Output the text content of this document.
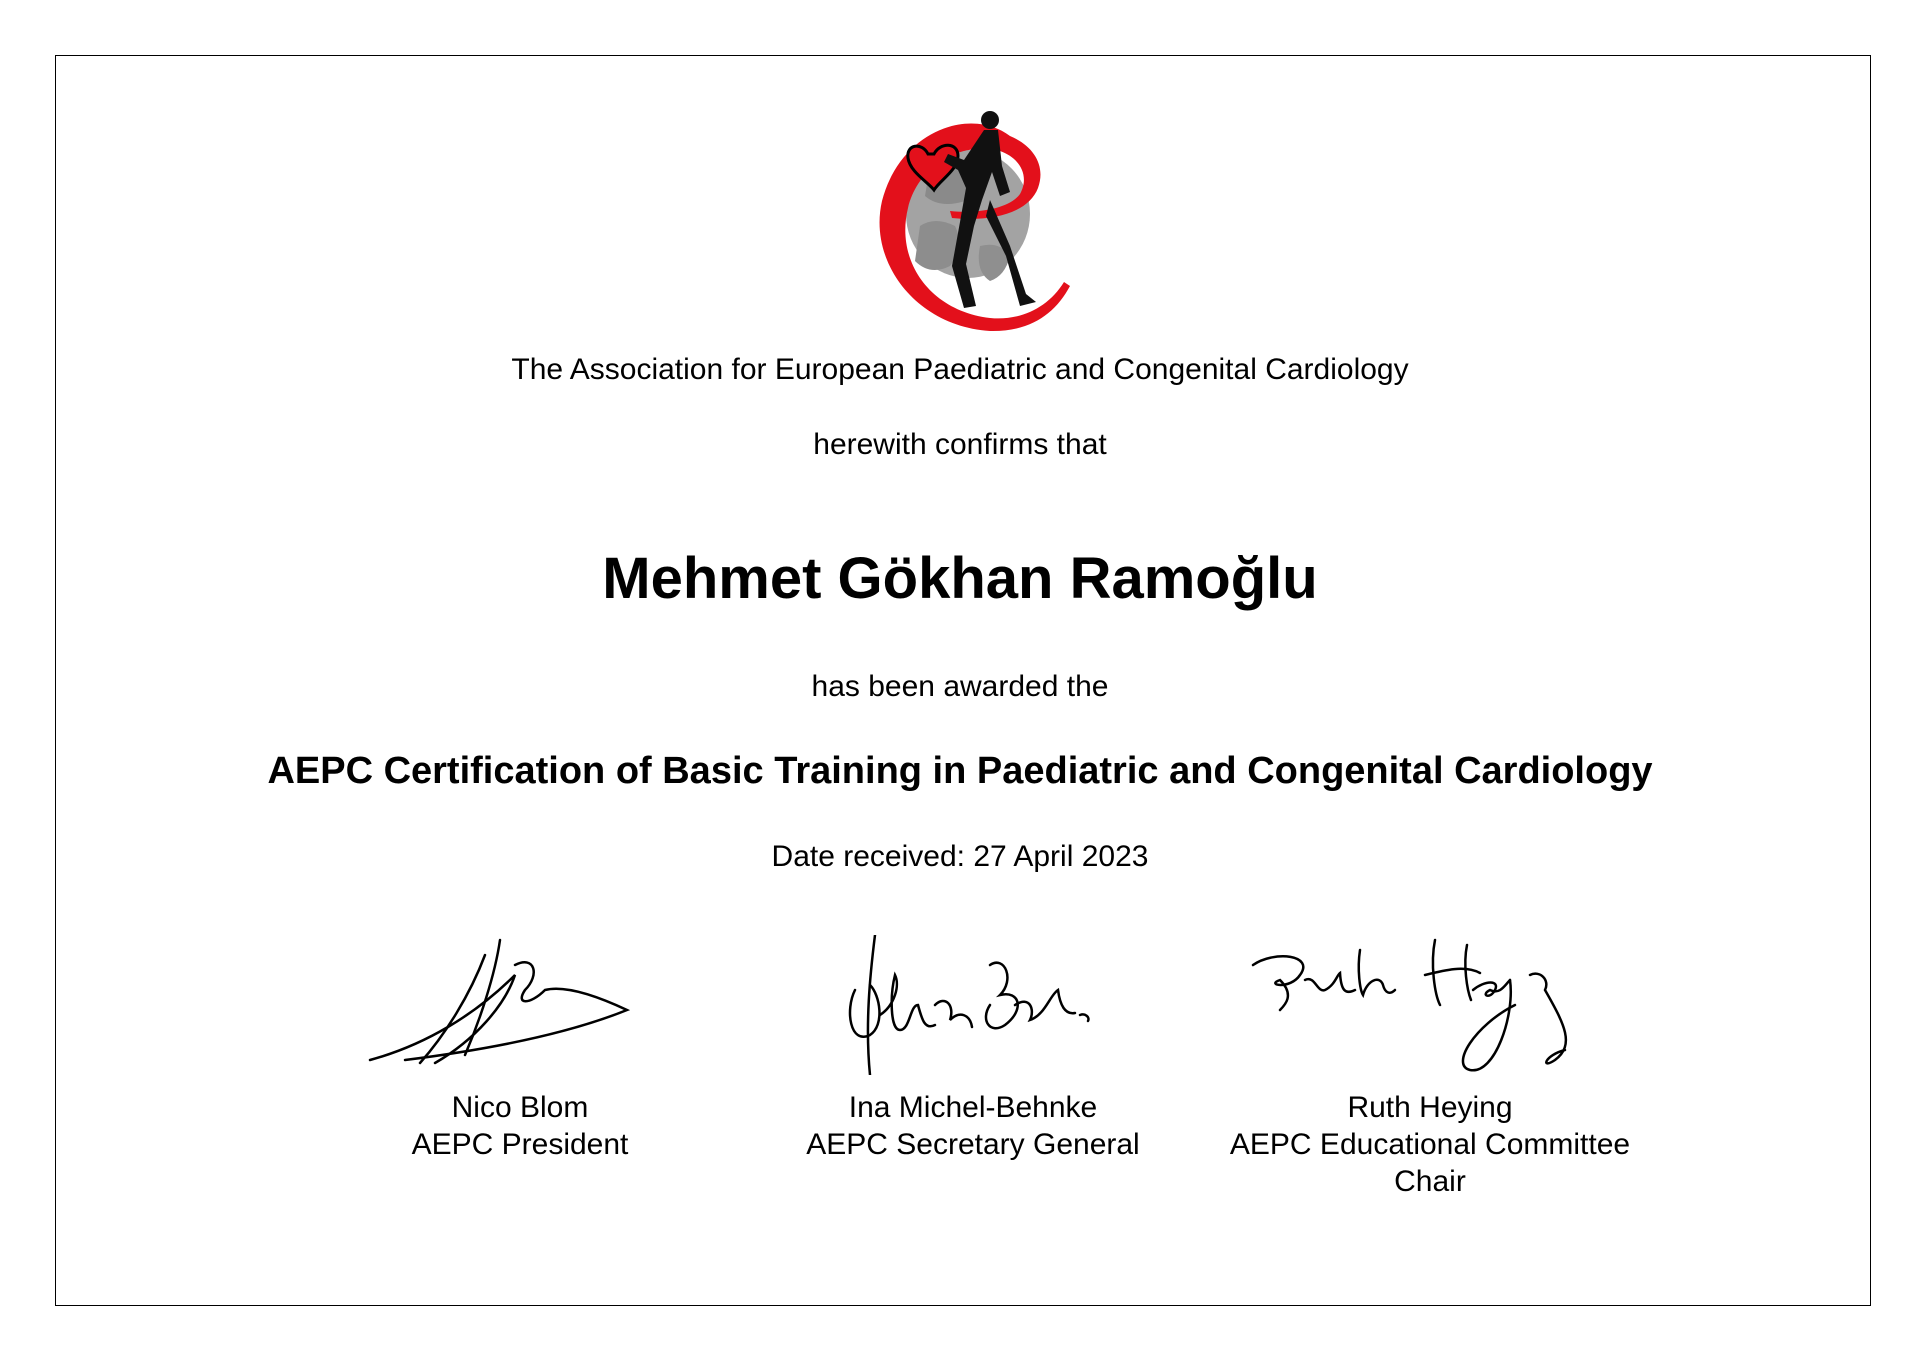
The Association for European Paediatric and Congenital Cardiology
herewith confirms that
Mehmet Gökhan Ramoğlu
has been awarded the
AEPC Certification of Basic Training in Paediatric and Congenital Cardiology
Date received: 27 April 2023
Nico Blom
AEPC President
Ina Michel-Behnke
AEPC Secretary General
Ruth Heying
AEPC Educational Committee Chair
